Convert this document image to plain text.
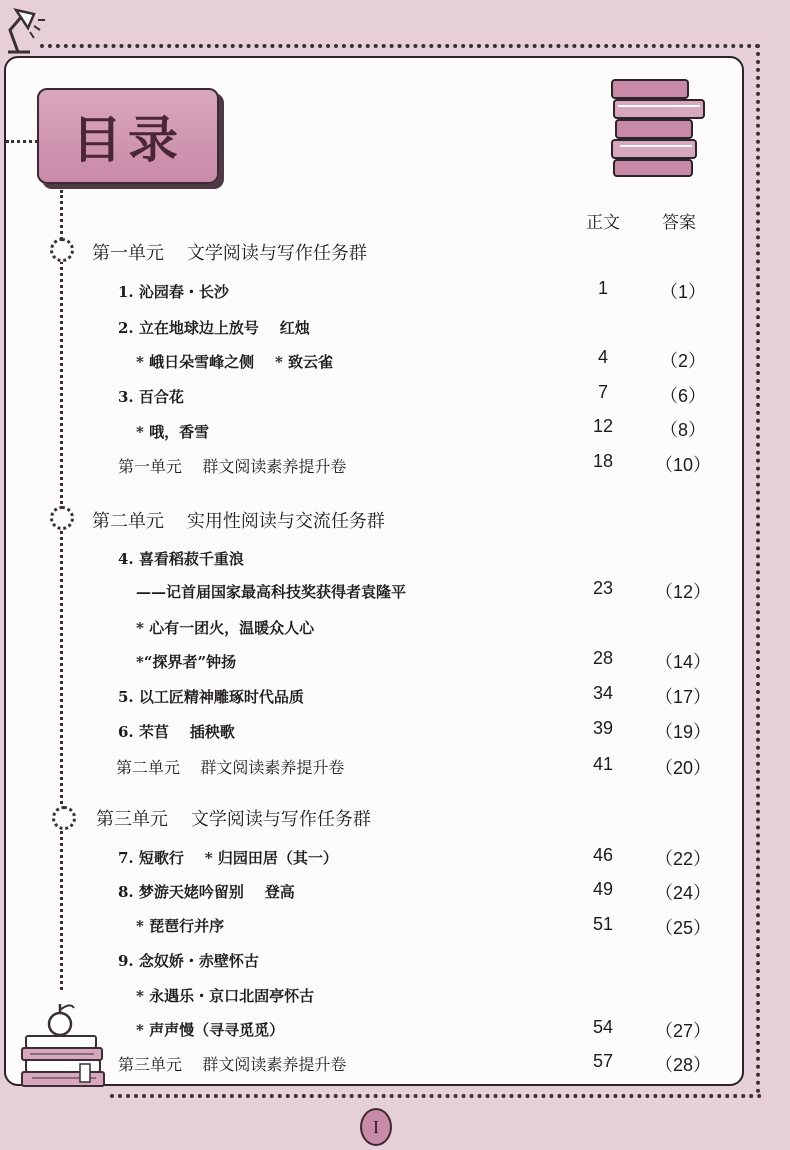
目录
正文 答案
第一单元    文学阅读与写作任务群
1. 沁园春・长沙	1	（1）
2. 立在地球边上放号    红烛
* 峨日朵雪峰之侧    * 致云雀	4	（2）
3. 百合花	7	（6）
* 哦，香雪	12	（8）
第一单元    群文阅读素养提升卷	18	（10）
第二单元    实用性阅读与交流任务群
4. 喜看稻菽千重浪
——记首届国家最高科技奖获得者袁隆平	23	（12）
* 心有一团火，温暖众人心
*“探界者”钟扬	28	（14）
5. 以工匠精神雕琢时代品质	34	（17）
6. 芣苢    插秧歌	39	（19）
第二单元    群文阅读素养提升卷	41	（20）
第三单元    文学阅读与写作任务群
7. 短歌行    * 归园田居（其一）	46	（22）
8. 梦游天姥吟留别    登高	49	（24）
* 琵琶行并序	51	（25）
9. 念奴娇・赤壁怀古
* 永遇乐・京口北固亭怀古
* 声声慢（寻寻觅觅）	54	（27）
第三单元    群文阅读素养提升卷	57	（28）
I
